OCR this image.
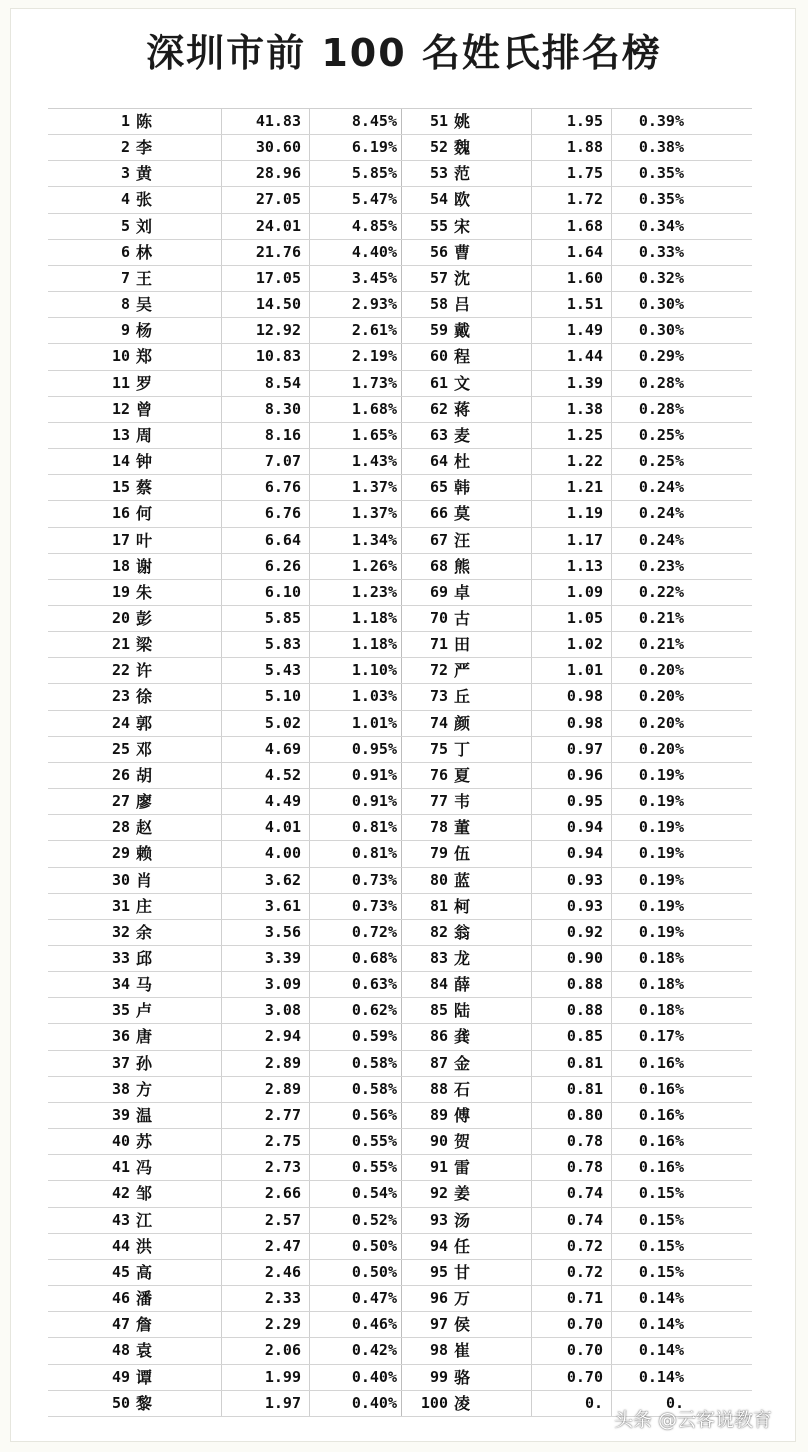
深圳市前 100 名姓氏排名榜
1 陈	41.83	8.45%	51 姚	1.95	0.39%
2 李	30.60	6.19%	52 魏	1.88	0.38%
3 黄	28.96	5.85%	53 范	1.75	0.35%
4 张	27.05	5.47%	54 欧	1.72	0.35%
5 刘	24.01	4.85%	55 宋	1.68	0.34%
6 林	21.76	4.40%	56 曹	1.64	0.33%
7 王	17.05	3.45%	57 沈	1.60	0.32%
8 吴	14.50	2.93%	58 吕	1.51	0.30%
9 杨	12.92	2.61%	59 戴	1.49	0.30%
10 郑	10.83	2.19%	60 程	1.44	0.29%
11 罗	8.54	1.73%	61 文	1.39	0.28%
12 曾	8.30	1.68%	62 蒋	1.38	0.28%
13 周	8.16	1.65%	63 麦	1.25	0.25%
14 钟	7.07	1.43%	64 杜	1.22	0.25%
15 蔡	6.76	1.37%	65 韩	1.21	0.24%
16 何	6.76	1.37%	66 莫	1.19	0.24%
17 叶	6.64	1.34%	67 汪	1.17	0.24%
18 谢	6.26	1.26%	68 熊	1.13	0.23%
19 朱	6.10	1.23%	69 卓	1.09	0.22%
20 彭	5.85	1.18%	70 古	1.05	0.21%
21 梁	5.83	1.18%	71 田	1.02	0.21%
22 许	5.43	1.10%	72 严	1.01	0.20%
23 徐	5.10	1.03%	73 丘	0.98	0.20%
24 郭	5.02	1.01%	74 颜	0.98	0.20%
25 邓	4.69	0.95%	75 丁	0.97	0.20%
26 胡	4.52	0.91%	76 夏	0.96	0.19%
27 廖	4.49	0.91%	77 韦	0.95	0.19%
28 赵	4.01	0.81%	78 董	0.94	0.19%
29 赖	4.00	0.81%	79 伍	0.94	0.19%
30 肖	3.62	0.73%	80 蓝	0.93	0.19%
31 庄	3.61	0.73%	81 柯	0.93	0.19%
32 余	3.56	0.72%	82 翁	0.92	0.19%
33 邱	3.39	0.68%	83 龙	0.90	0.18%
34 马	3.09	0.63%	84 薛	0.88	0.18%
35 卢	3.08	0.62%	85 陆	0.88	0.18%
36 唐	2.94	0.59%	86 龚	0.85	0.17%
37 孙	2.89	0.58%	87 金	0.81	0.16%
38 方	2.89	0.58%	88 石	0.81	0.16%
39 温	2.77	0.56%	89 傅	0.80	0.16%
40 苏	2.75	0.55%	90 贺	0.78	0.16%
41 冯	2.73	0.55%	91 雷	0.78	0.16%
42 邹	2.66	0.54%	92 姜	0.74	0.15%
43 江	2.57	0.52%	93 汤	0.74	0.15%
44 洪	2.47	0.50%	94 任	0.72	0.15%
45 高	2.46	0.50%	95 甘	0.72	0.15%
46 潘	2.33	0.47%	96 万	0.71	0.14%
47 詹	2.29	0.46%	97 侯	0.70	0.14%
48 袁	2.06	0.42%	98 崔	0.70	0.14%
49 谭	1.99	0.40%	99 骆	0.70	0.14%
50 黎	1.97	0.40%	100 凌	0.	0.
头条 @云客说教育
